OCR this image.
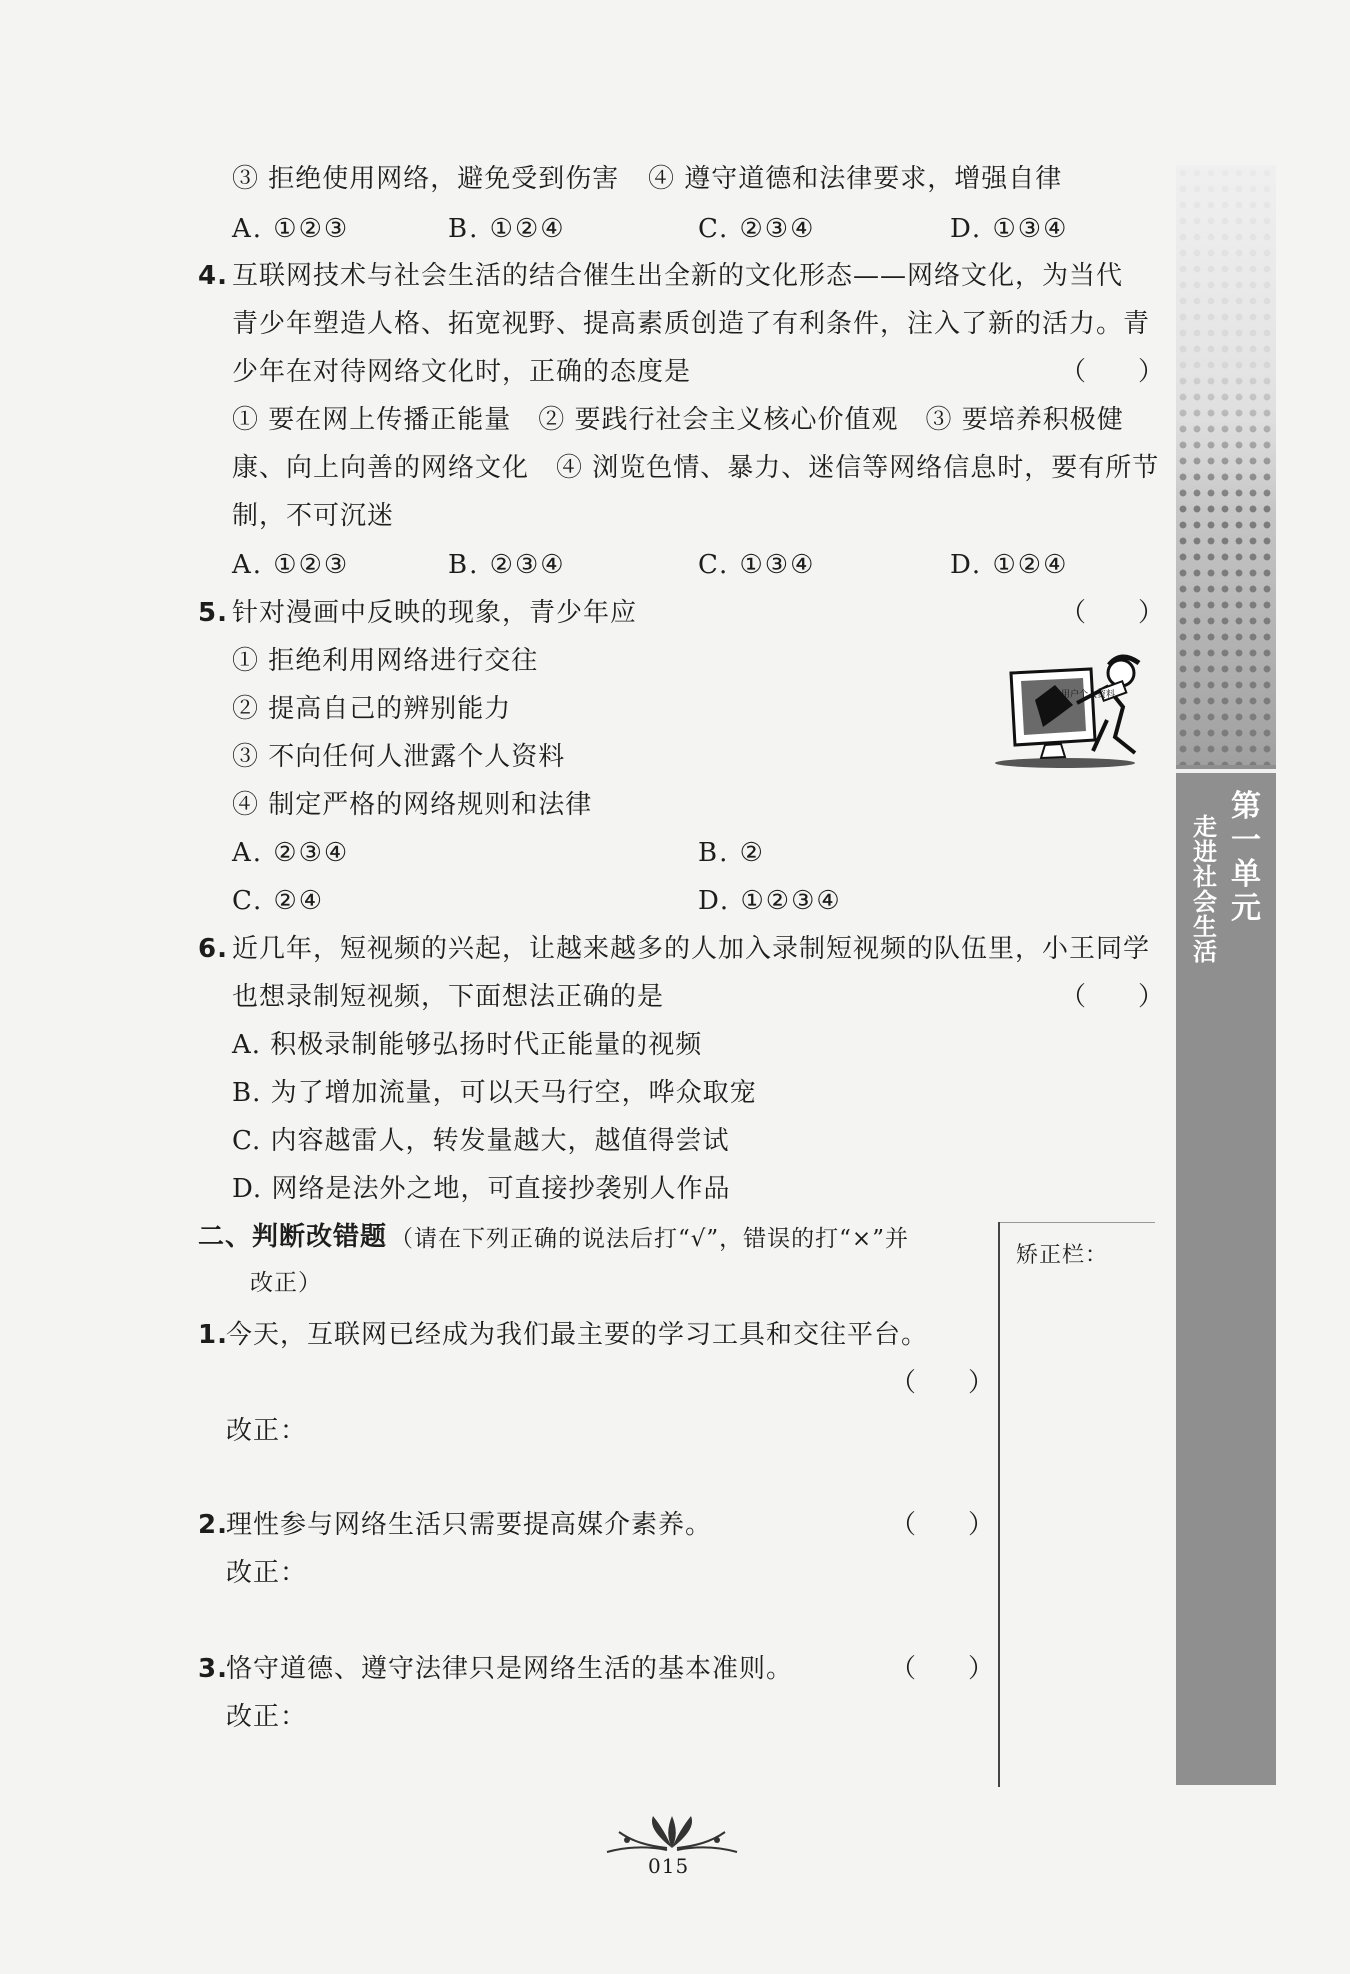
③ 拒绝使用网络，避免受到伤害 ④ 遵守道德和法律要求，增强自律
A. ①②③	B. ①②④	C. ②③④	D. ①③④
4. 互联网技术与社会生活的结合催生出全新的文化形态——网络文化，为当代
青少年塑造人格、拓宽视野、提高素质创造了有利条件，注入了新的活力。青
少年在对待网络文化时，正确的态度是	（　　）
① 要在网上传播正能量　② 要践行社会主义核心价值观　③ 要培养积极健
康、向上向善的网络文化　④ 浏览色情、暴力、迷信等网络信息时，要有所节
制，不可沉迷
A. ①②③	B. ②③④	C. ①③④	D. ①②④
5. 针对漫画中反映的现象，青少年应	（　　）
① 拒绝利用网络进行交往
② 提高自己的辨别能力
③ 不向任何人泄露个人资料
④ 制定严格的网络规则和法律
A. ②③④	B. ②
C. ②④	D. ①②③④
用户个人资料
6. 近几年，短视频的兴起，让越来越多的人加入录制短视频的队伍里，小王同学
也想录制短视频，下面想法正确的是	（　　）
A. 积极录制能够弘扬时代正能量的视频
B. 为了增加流量，可以天马行空，哗众取宠
C. 内容越雷人，转发量越大，越值得尝试
D. 网络是法外之地，可直接抄袭别人作品
二、判断改错题 （请在下列正确的说法后打“√”，错误的打“×”并
改正）
矫正栏：
1.
今天，互联网已经成为我们最主要的学习工具和交往平台。
（　　）
改正：
2.
理性参与网络生活只需要提高媒介素养。	（　　）
改正：
3.
恪守道德、遵守法律只是网络生活的基本准则。	（　　）
改正：
第一单元
走进社会生活
015
